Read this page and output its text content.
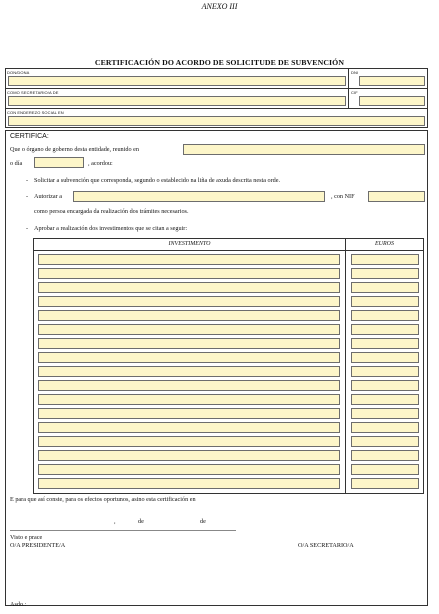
ANEXO III
CERTIFICACIÓN DO ACORDO DE SOLICITUDE DE SUBVENCIÓN
DON/DONA	DNI
COMO SECRETARIO/A DE	CIF
CON ENDEREZO SOCIAL EN
CERTIFICA:
Que o órgano de goberno desta entidade, reunido en
o día	, acordou:
- Solicitar a subvención que corresponda, segundo o establecido na liña de axuda descrita nesta orde.
- Autorizar a	, con NIF
como persoa encargada da realización dos trámites necesarios.
- Aprobar a realización dos investimentos que se citan a seguir:
INVESTIMENTO	EUROS
E para que así conste, para os efectos oportunos, asino esta certificación en
,	de	de
Visto e prace
O/A PRESIDENTE/A	O/A SECRETARIO/A
Asdo.:
